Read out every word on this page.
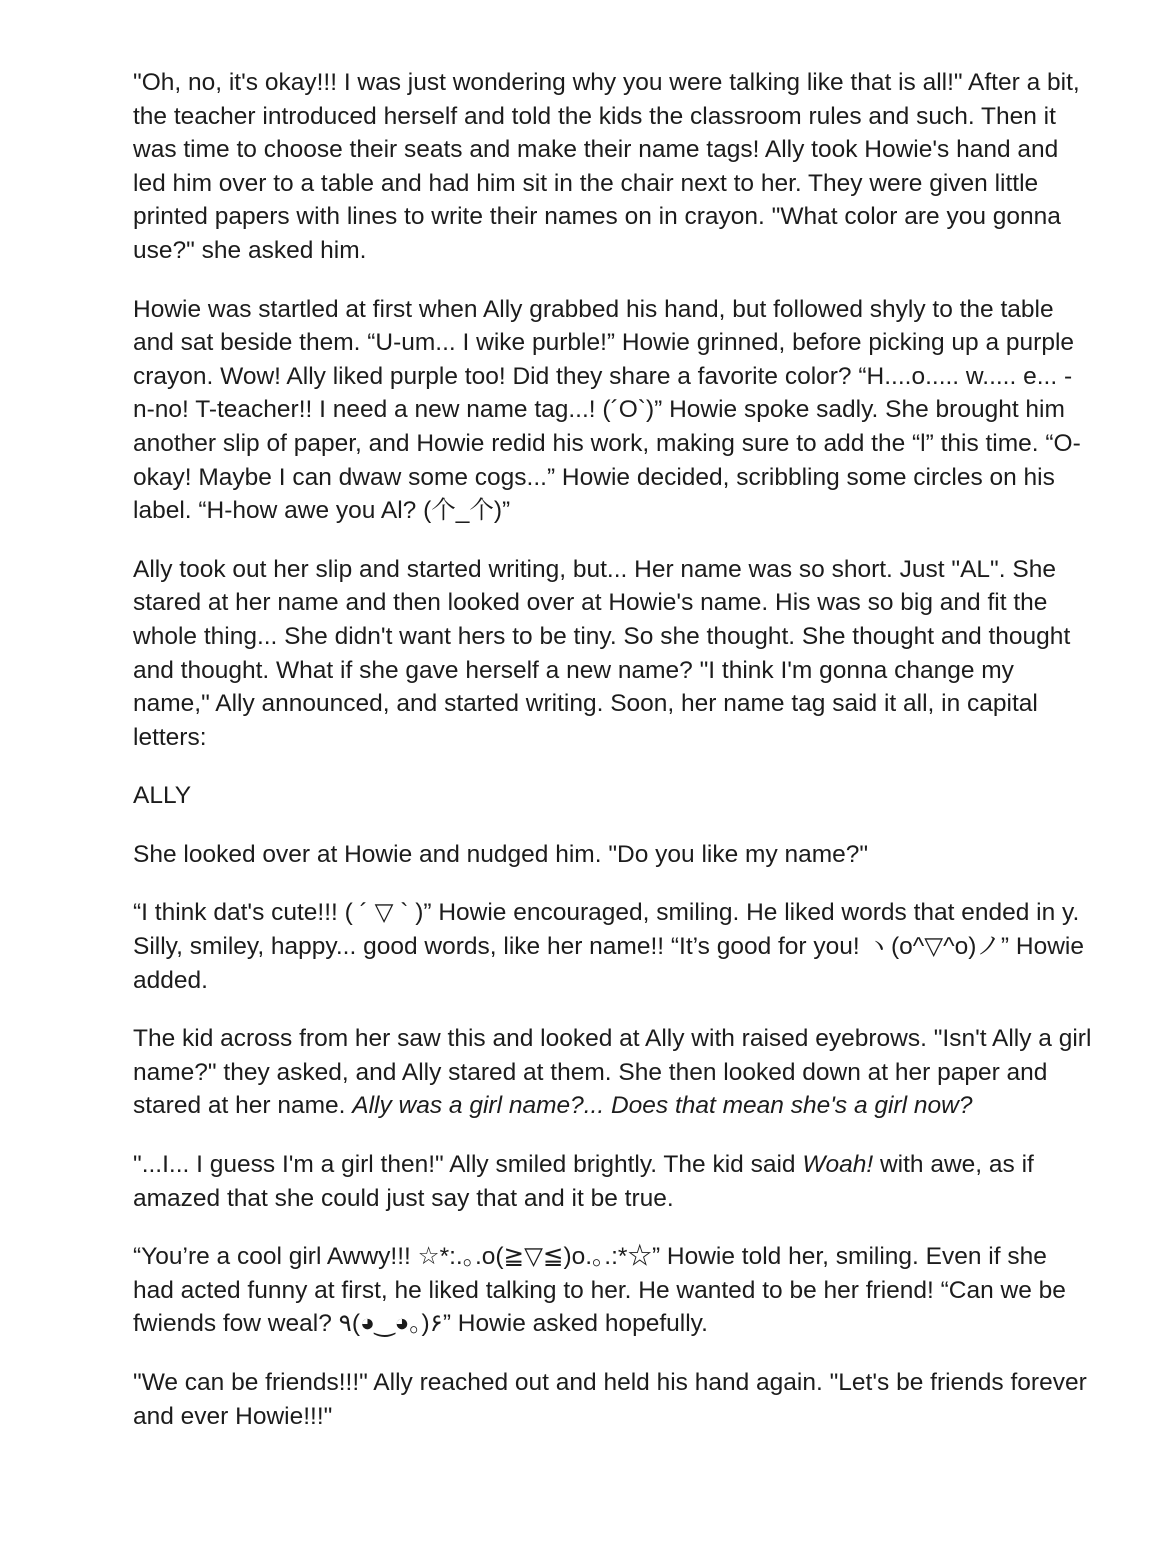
"Oh, no, it's okay!!! I was just wondering why you were talking like that is all!" After a bit, the teacher introduced herself and told the kids the classroom rules and such. Then it was time to choose their seats and make their name tags! Ally took Howie's hand and led him over to a table and had him sit in the chair next to her. They were given little printed papers with lines to write their names on in crayon. "What color are you gonna use?" she asked him.

Howie was startled at first when Ally grabbed his hand, but followed shyly to the table and sat beside them. “U-um... I wike purble!” Howie grinned, before picking up a purple crayon. Wow! Ally liked purple too! Did they share a favorite color? “H....o..... w..... e... - n-no! T-teacher!! I need a new name tag...! (´O`)” Howie spoke sadly. She brought him another slip of paper, and Howie redid his work, making sure to add the “l” this time. “O-okay! Maybe I can dwaw some cogs...” Howie decided, scribbling some circles on his label. “H-how awe you Al? (个_个)”

Ally took out her slip and started writing, but... Her name was so short. Just "AL". She stared at her name and then looked over at Howie's name. His was so big and fit the whole thing... She didn't want hers to be tiny. So she thought. She thought and thought and thought. What if she gave herself a new name? "I think I'm gonna change my name," Ally announced, and started writing. Soon, her name tag said it all, in capital letters:

ALLY

She looked over at Howie and nudged him. "Do you like my name?"

“I think dat's cute!!! ( ´ ▽ ` )” Howie encouraged, smiling. He liked words that ended in y. Silly, smiley, happy... good words, like her name!! “It’s good for you! ヽ(o^▽^o)ノ” Howie added.

The kid across from her saw this and looked at Ally with raised eyebrows. "Isn't Ally a girl name?" they asked, and Ally stared at them. She then looked down at her paper and stared at her name. Ally was a girl name?... Does that mean she's a girl now?

"...I... I guess I'm a girl then!" Ally smiled brightly. The kid said Woah! with awe, as if amazed that she could just say that and it be true.

“You’re a cool girl Awwy!!! ☆*:.｡.o(≧▽≦)o.｡.:*☆” Howie told her, smiling. Even if she had acted funny at first, he liked talking to her. He wanted to be her friend! “Can we be fwiends fow weal? ٩(◕‿◕｡)۶” Howie asked hopefully.

"We can be friends!!!" Ally reached out and held his hand again. "Let's be friends forever and ever Howie!!!"
